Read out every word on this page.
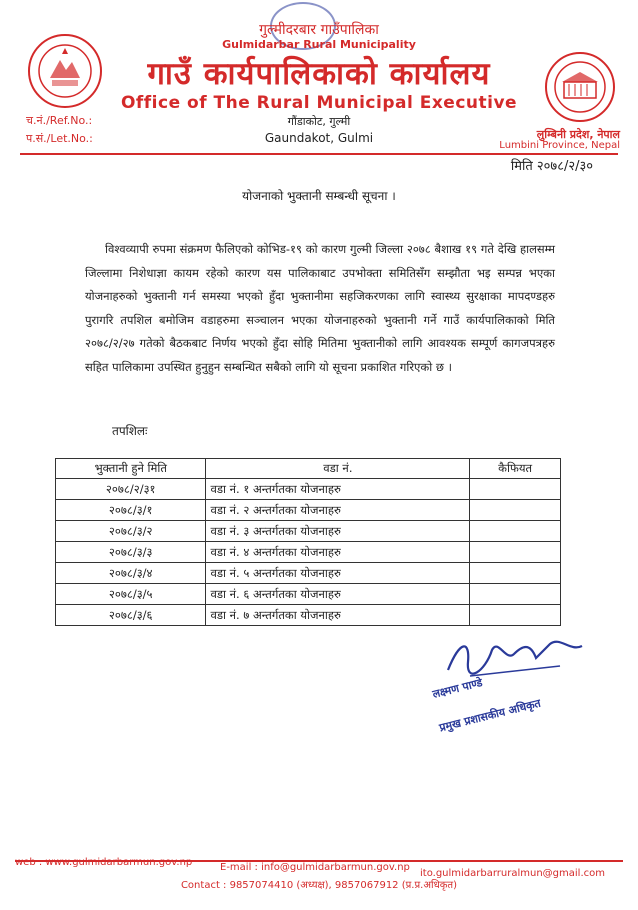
गुल्मीदरबार गाउँपालिका
Gulmidarbar Rural Municipality
गाउँ कार्यपालिकाको कार्यालय
Office of The Rural Municipal Executive
गौंडाकोट, गुल्मी
Gaundakot, Gulmi
च.नं./Ref.No.:
प.सं./Let.No.:	लुम्बिनी प्रदेश, नेपाल
Lumbini Province, Nepal
मिति २०७८/२/३०
योजनाको भुक्तानी सम्बन्धी सूचना ।
विश्वव्यापी रुपमा संक्रमण फैलिएको कोभिड-१९ को कारण गुल्मी जिल्ला २०७८ बैशाख १९ गते देखि हालसम्म जिल्लामा निशेधाज्ञा कायम रहेको कारण यस पालिकाबाट उपभोक्ता समितिसँग सम्झौता भइ सम्पन्न भएका योजनाहरुको भुक्तानी गर्न समस्या भएको हुँदा भुक्तानीमा सहजिकरणका लागि स्वास्थ्य सुरक्षाका मापदण्डहरु पुरागरि तपशिल बमोजिम वडाहरुमा सञ्चालन भएका योजनाहरुको भुक्तानी गर्ने गाउँ कार्यपालिकाको मिति २०७८/२/२७ गतेको बैठकबाट निर्णय भएको हुँदा सोहि मितिमा भुक्तानीको लागि आवश्यक सम्पूर्ण कागजपत्रहरु सहित पालिकामा उपस्थित हुनुहुन सम्बन्धित सबैको लागि यो सूचना प्रकाशित गरिएको छ ।
तपशिलः
भुक्तानी हुने मिति	वडा नं.	कैफियत
२०७८/२/३१	वडा नं. १ अन्तर्गतका योजनाहरु	
२०७८/३/१	वडा नं. २ अन्तर्गतका योजनाहरु	
२०७८/३/२	वडा नं. ३ अन्तर्गतका योजनाहरु	
२०७८/३/३	वडा नं. ४ अन्तर्गतका योजनाहरु	
२०७८/३/४	वडा नं. ५ अन्तर्गतका योजनाहरु	
२०७८/३/५	वडा नं. ६ अन्तर्गतका योजनाहरु	
२०७८/३/६	वडा नं. ७ अन्तर्गतका योजनाहरु	
लक्ष्मण पाण्डे
प्रमुख प्रशासकीय अधिकृत
web : www.gulmidarbarmun.gov.np	E-mail : info@gulmidarbarmun.gov.np
ito.gulmidarbarruralmun@gmail.com
Contact : 9857074410 (अध्यक्ष), 9857067912 (प्र.प्र.अधिकृत)
